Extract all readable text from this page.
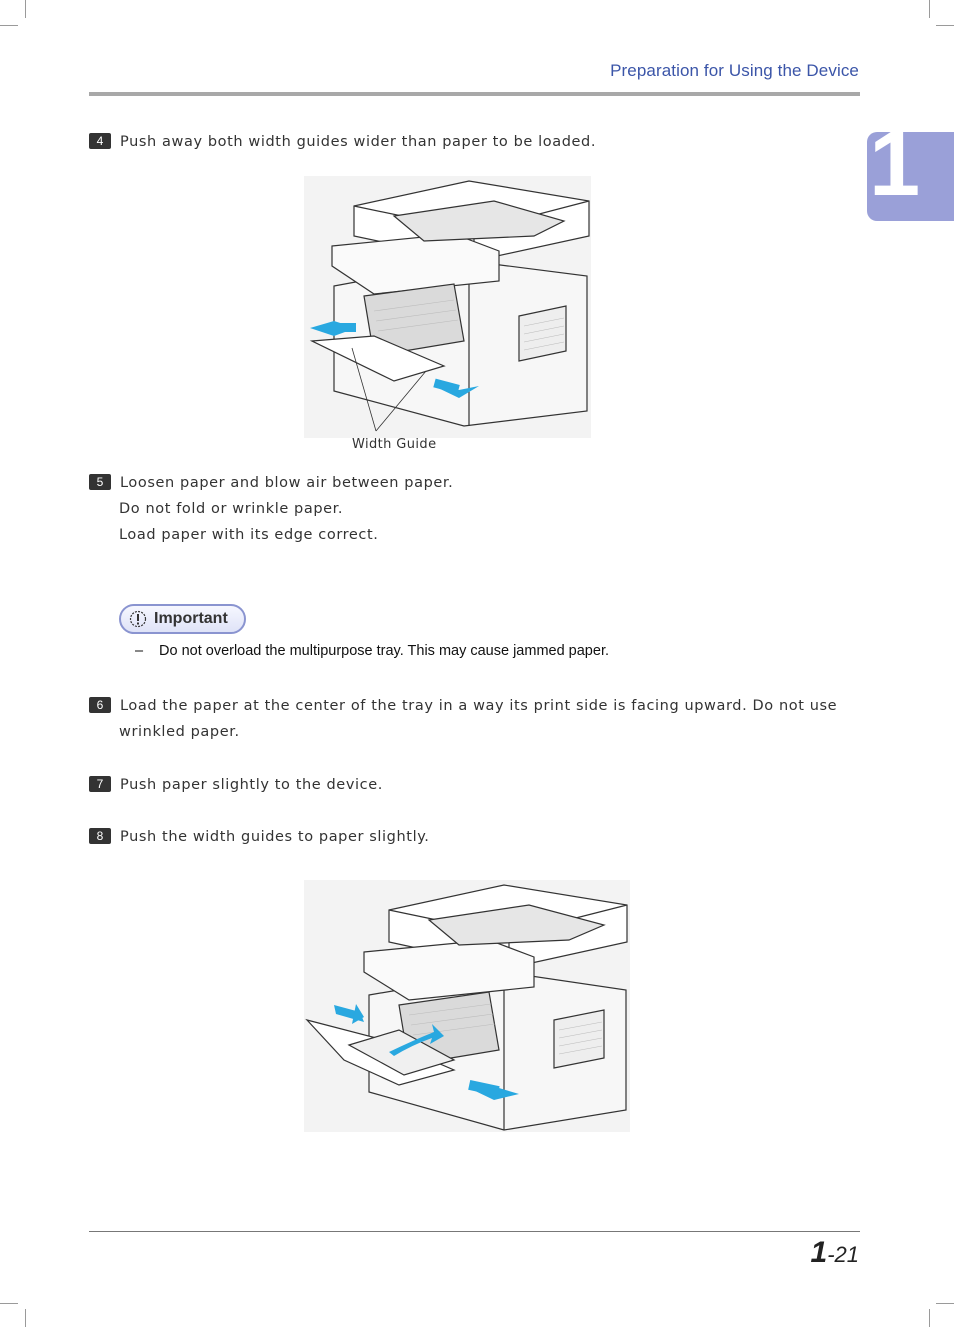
Preparation for Using the Device
1
4 Push away both width guides wider than paper to be loaded.
Width Guide
5 Loosen paper and blow air between paper.
Do not fold or wrinkle paper.
Load paper with its edge correct.
Important
– Do not overload the multipurpose tray. This may cause jammed paper.
6 Load the paper at the center of the tray in a way its print side is facing upward. Do not use
wrinkled paper.
7 Push paper slightly to the device.
8 Push the width guides to paper slightly.
1-21
